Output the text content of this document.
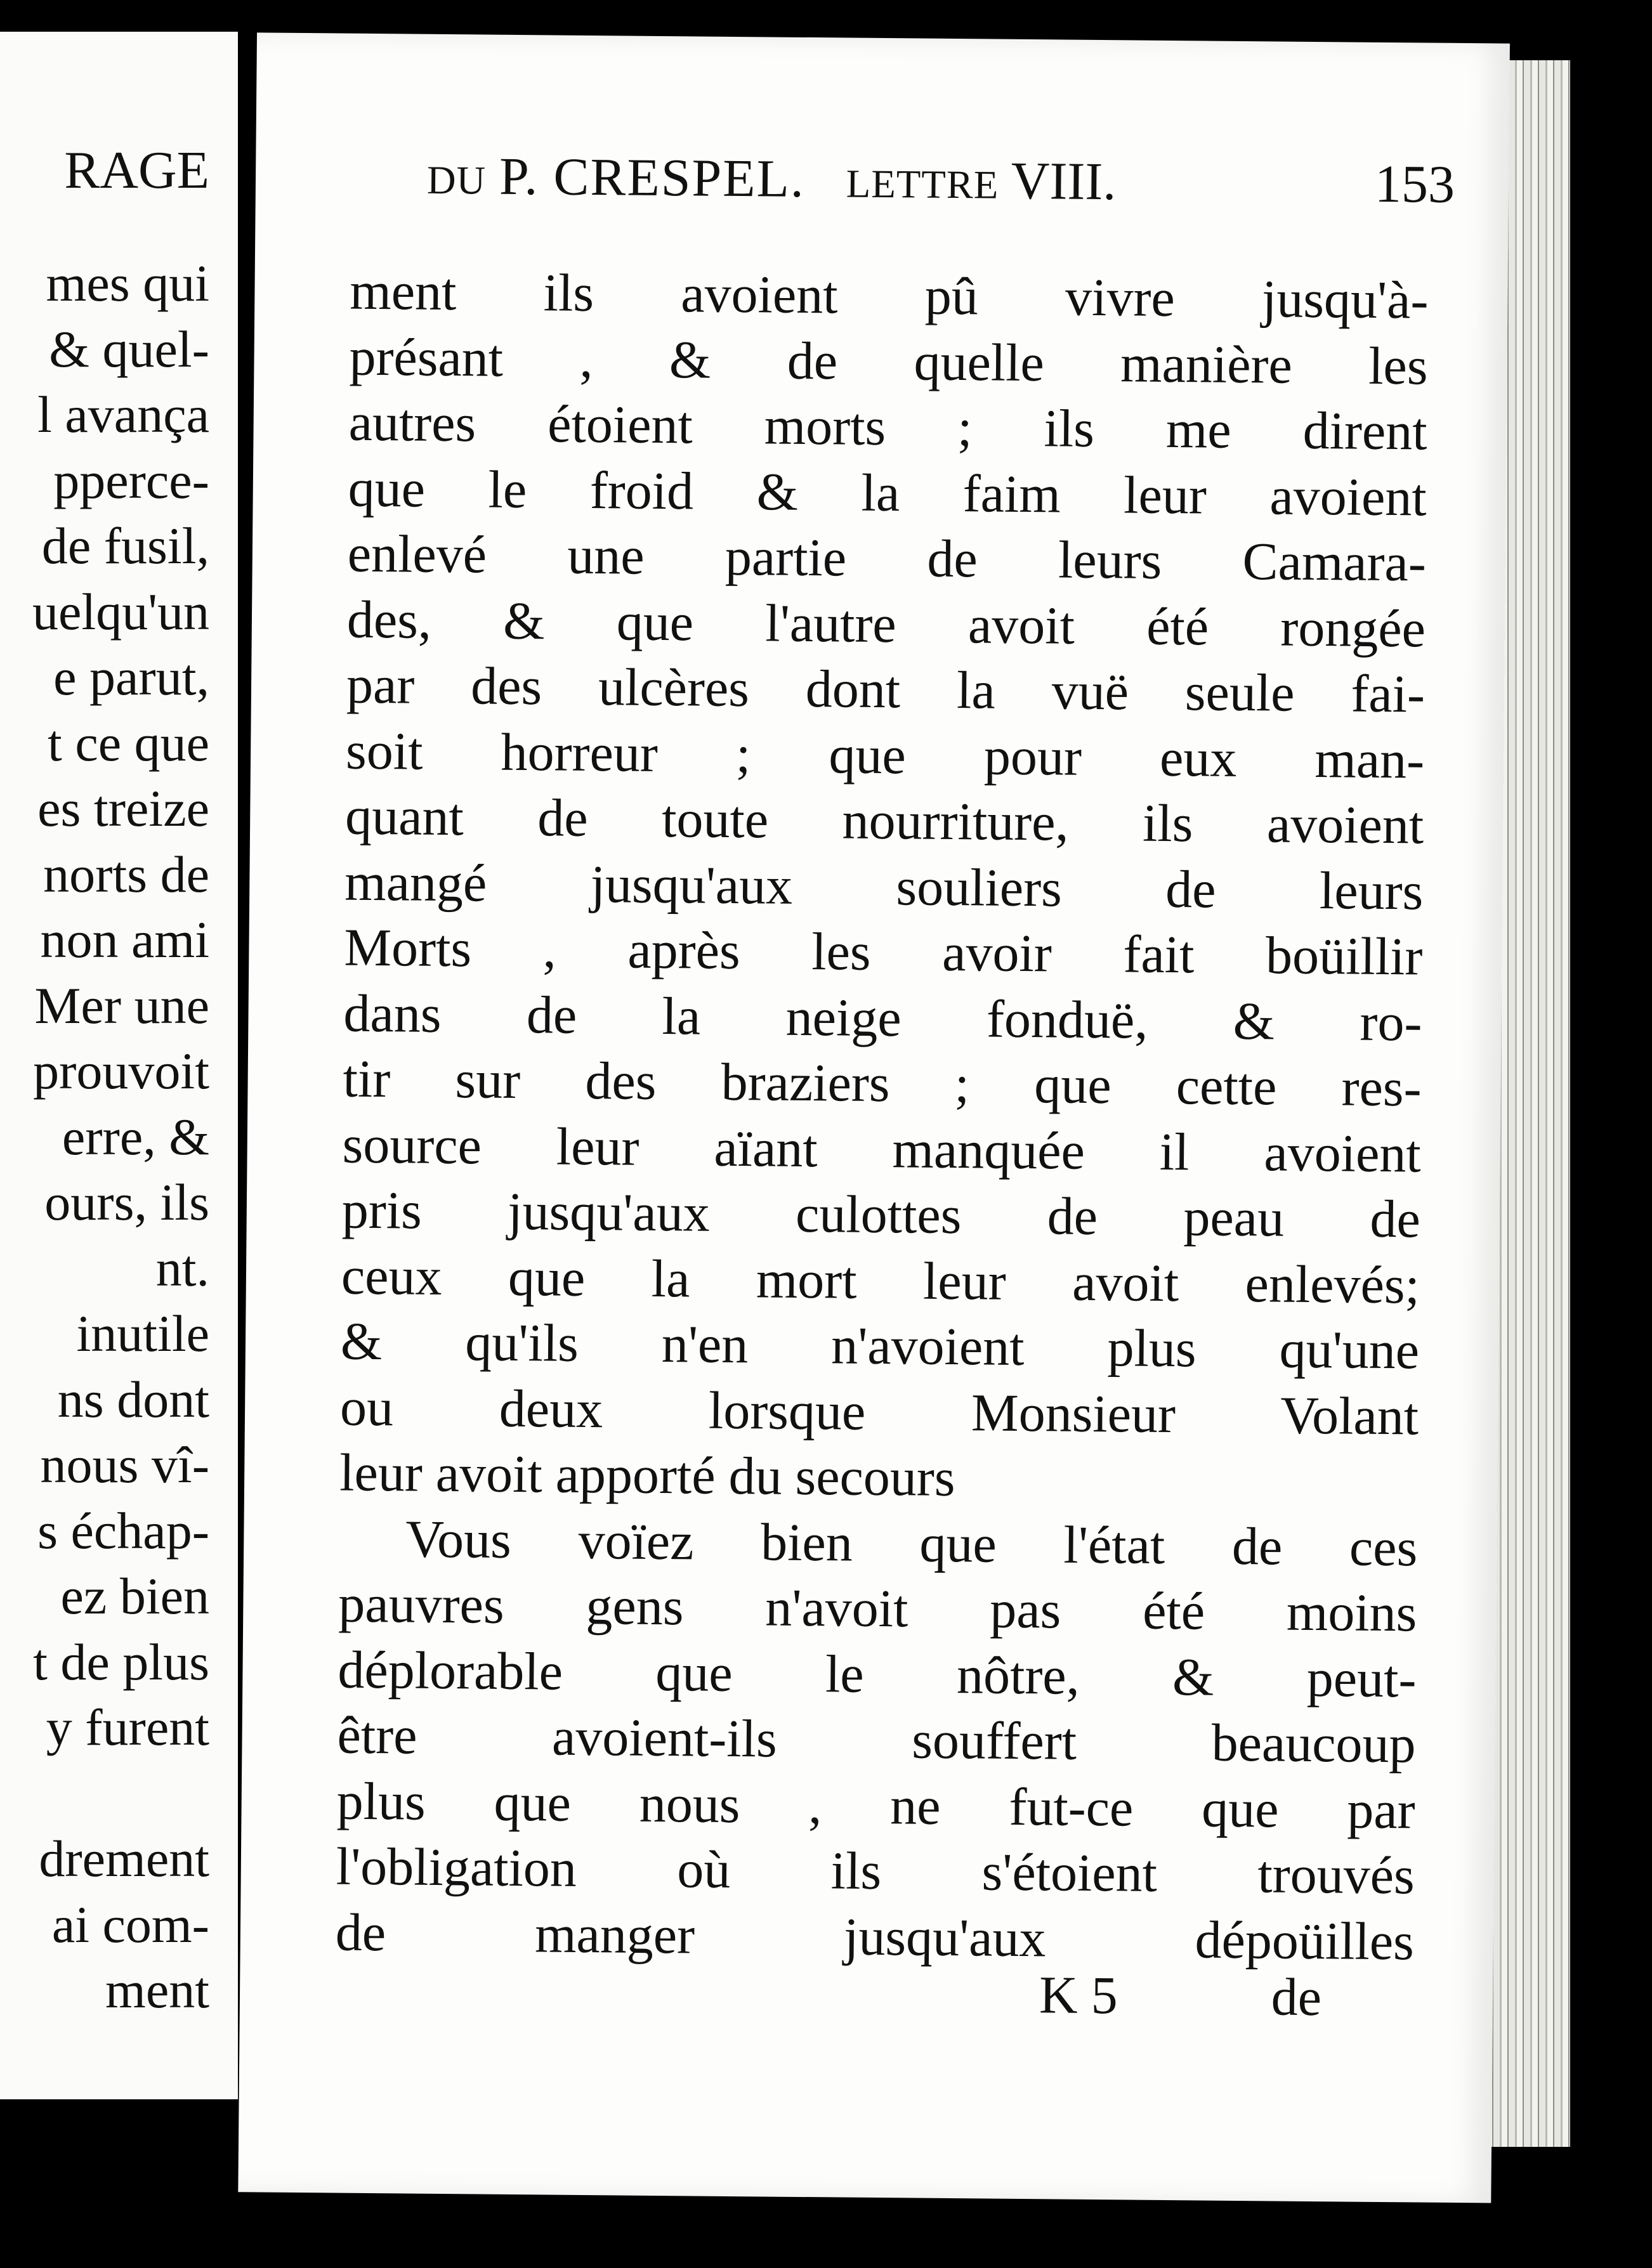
RAGE
mes qui
& quel-
l avança
pperce-
de fusil,
uelqu'un
e parut,
t ce que
es treize
norts de
non ami
Mer une
prouvoit
erre, &
ours, ils
nt.
inutile
ns dont
nous vî-
s échap-
ez bien
t de plus
y furent
drement
ai com-
ment
DU P. CRESPEL. LETTRE VIII.	153
ment ils avoient pû vivre jusqu'à-
présant , & de quelle manière les
autres étoient morts ; ils me dirent
que le froid & la faim leur avoient
enlevé une partie de leurs Camara-
des, & que l'autre avoit été rongée
par des ulcères dont la vuë seule fai-
soit horreur ; que pour eux man-
quant de toute nourriture, ils avoient
mangé jusqu'aux souliers de leurs
Morts , après les avoir fait boüillir
dans de la neige fonduë, & ro-
tir sur des braziers ; que cette res-
source leur aïant manquée il avoient
pris jusqu'aux culottes de peau de
ceux que la mort leur avoit enlevés;
& qu'ils n'en n'avoient plus qu'une
ou deux lorsque Monsieur Volant
leur avoit apporté du secours
Vous voïez bien que l'état de ces
pauvres gens n'avoit pas été moins
déplorable que le nôtre, & peut-
être avoient-ils souffert beaucoup
plus que nous , ne fut-ce que par
l'obligation où ils s'étoient trouvés
de manger jusqu'aux dépoüilles
K 5	de
